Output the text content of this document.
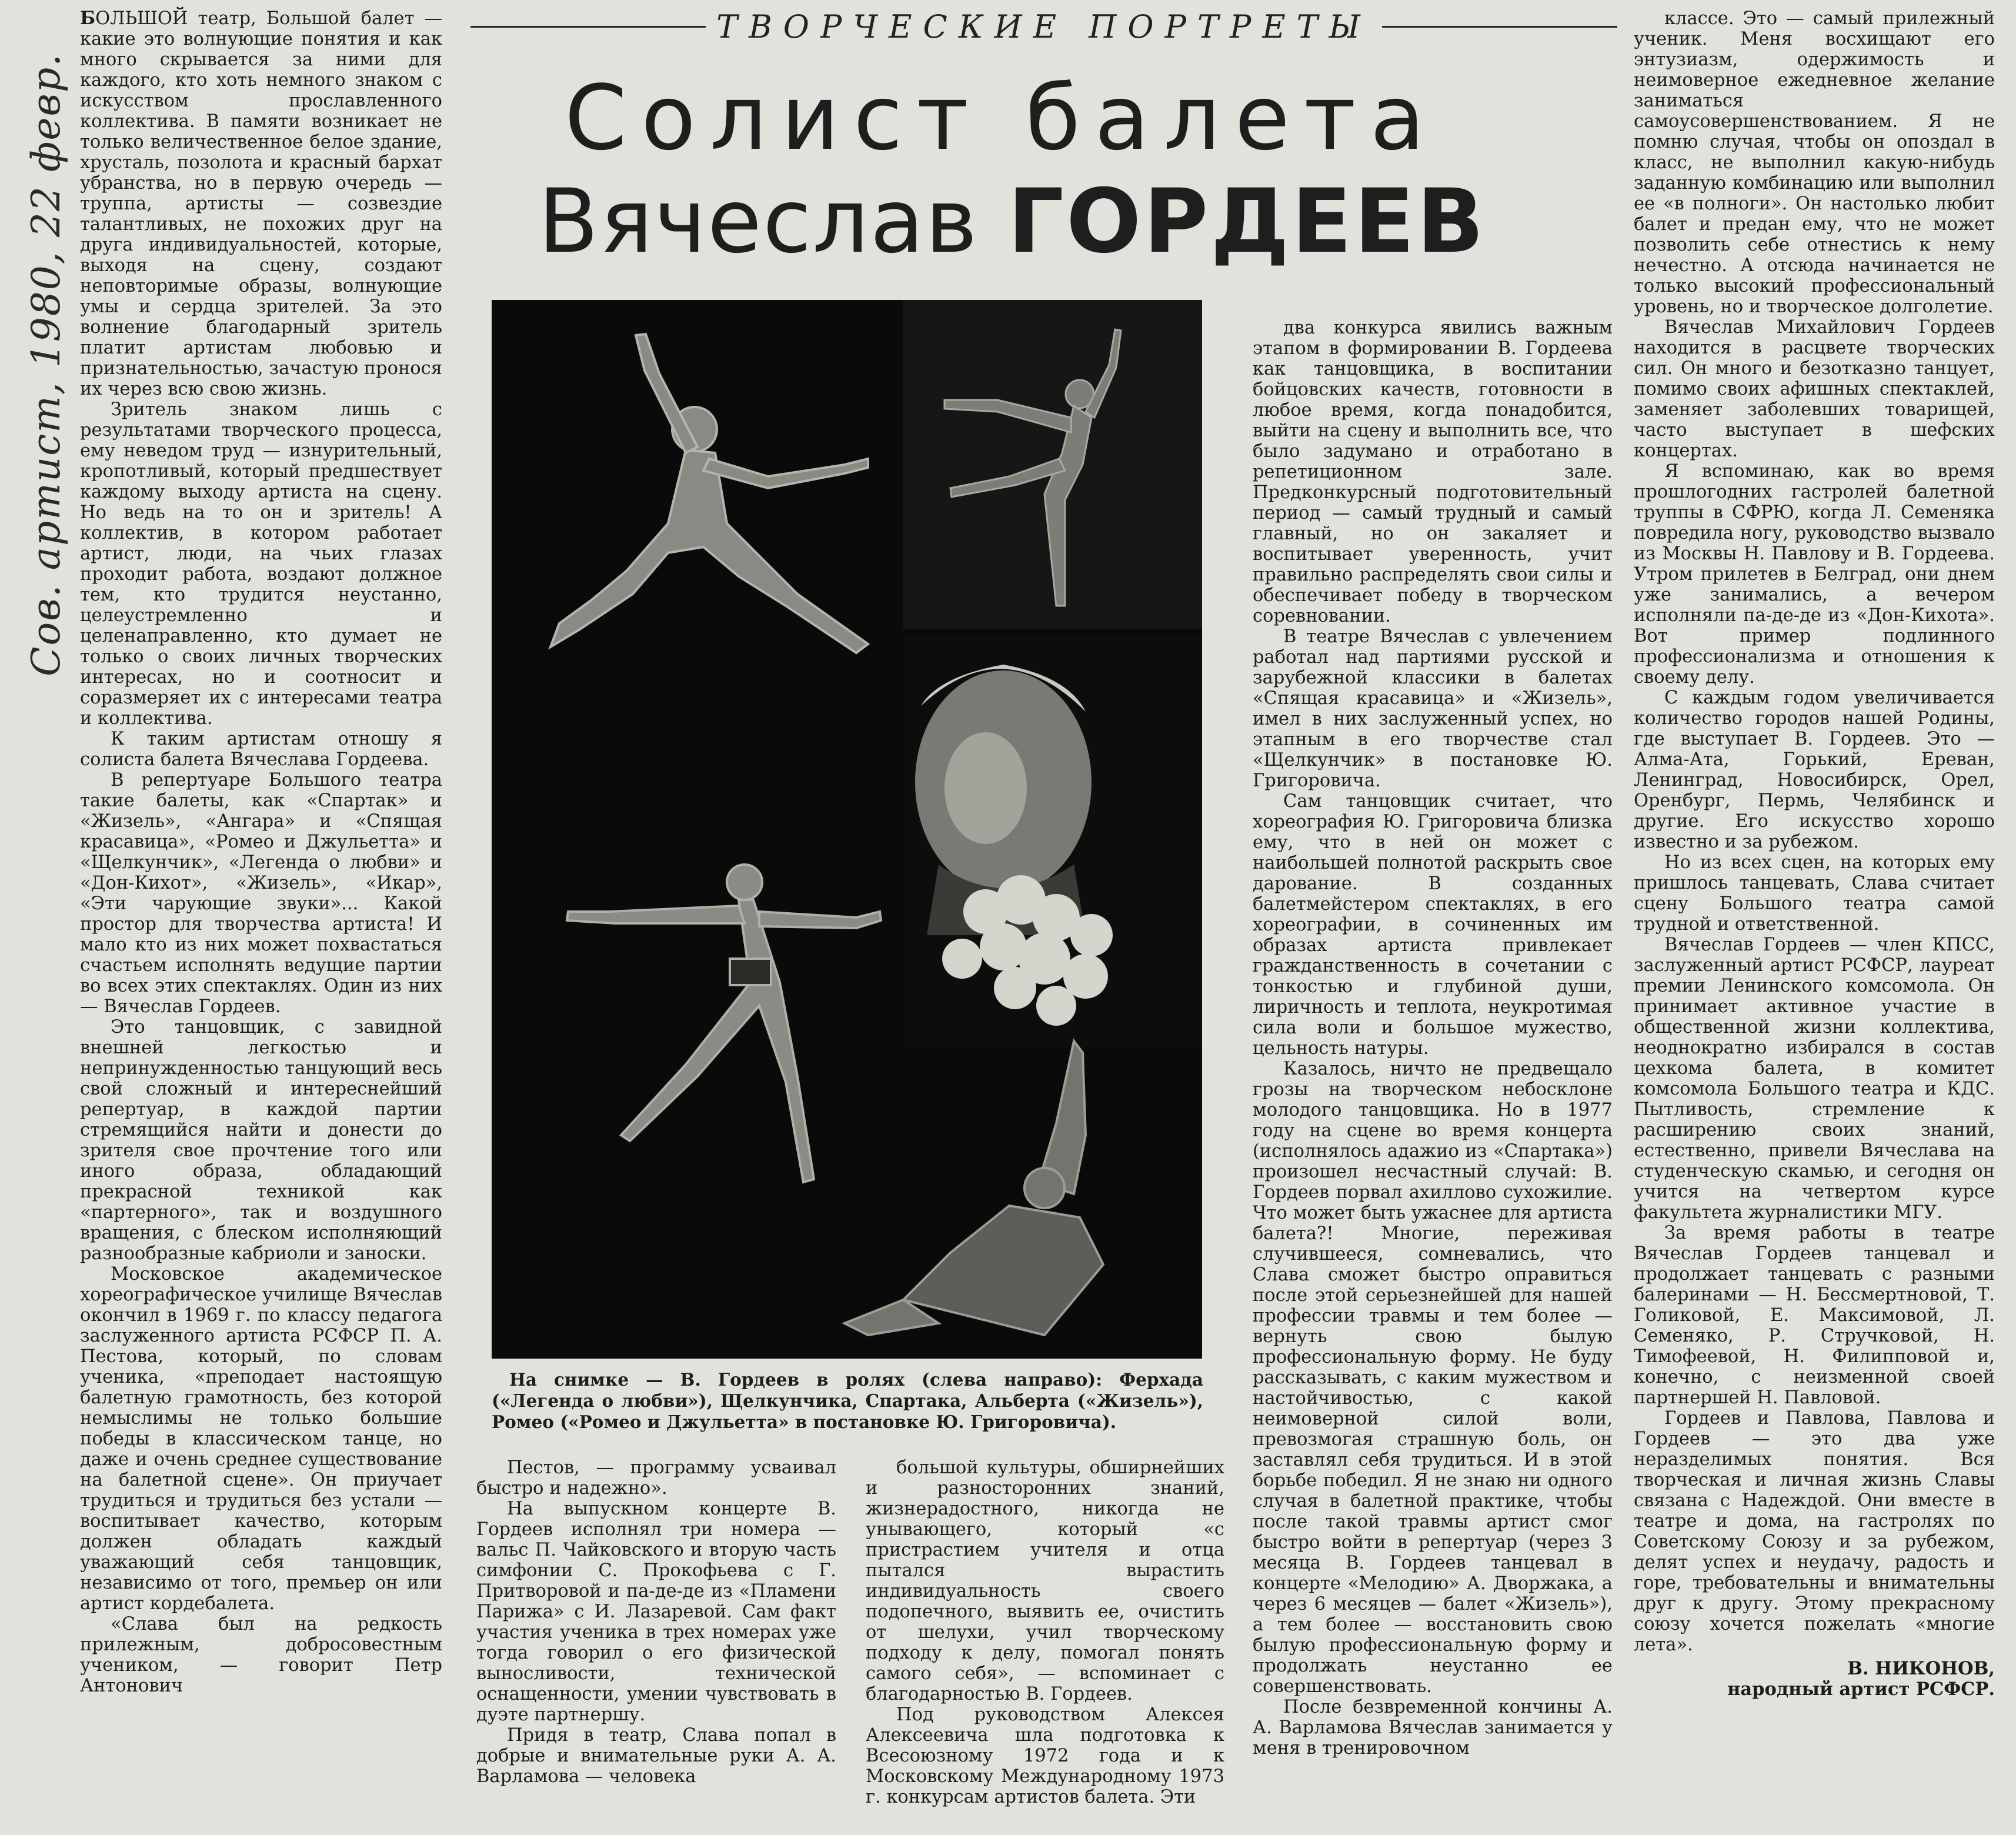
Сов. артист, 1980, 22 февр.
ТВОРЧЕСКИЕ ПОРТРЕТЫ
Солист балета
Вячеслав ГОРДЕЕВ

БОЛЬШОЙ театр, Большой балет — какие это волнующие понятия и как много скрывается за ними для каждого, кто хоть немного знаком с искусством прославленного коллектива. В памяти возникает не только величественное белое здание, хрусталь, позолота и красный бархат убранства, но в первую очередь — труппа, артисты — созвездие талантливых, не похожих друг на друга индивидуальностей, которые, выходя на сцену, создают неповторимые образы, волнующие умы и сердца зрителей. За это волнение благодарный зритель платит артистам любовью и признательностью, зачастую пронося их через всю свою жизнь.

Зритель знаком лишь с результатами творческого процесса, ему неведом труд — изнурительный, кропотливый, который предшествует каждому выходу артиста на сцену. Но ведь на то он и зритель! А коллектив, в котором работает артист, люди, на чьих глазах проходит работа, воздают должное тем, кто трудится неустанно, целеустремленно и целенаправленно, кто думает не только о своих личных творческих интересах, но и соотносит и соразмеряет их с интересами театра и коллектива.

К таким артистам отношу я солиста балета Вячеслава Гордеева.

В репертуаре Большого театра такие балеты, как «Спартак» и «Жизель», «Ангара» и «Спящая красавица», «Ромео и Джульетта» и «Щелкунчик», «Легенда о любви» и «Дон-Кихот», «Жизель», «Икар», «Эти чарующие звуки»... Какой простор для творчества артиста! И мало кто из них может похвастаться счастьем исполнять ведущие партии во всех этих спектаклях. Один из них — Вячеслав Гордеев.

Это танцовщик, с завидной внешней легкостью и непринужденностью танцующий весь свой сложный и интереснейший репертуар, в каждой партии стремящийся найти и донести до зрителя свое прочтение того или иного образа, обладающий прекрасной техникой как «партерного», так и воздушного вращения, с блеском исполняющий разнообразные кабриоли и заноски.

Московское академическое хореографическое училище Вячеслав окончил в 1969 г. по классу педагога заслуженного артиста РСФСР П. А. Пестова, который, по словам ученика, «преподает настоящую балетную грамотность, без которой немыслимы не только большие победы в классическом танце, но даже и очень среднее существование на балетной сцене». Он приучает трудиться и трудиться без устали — воспитывает качество, которым должен обладать каждый уважающий себя танцовщик, независимо от того, премьер он или артист кордебалета.

«Слава был на редкость прилежным, добросовестным учеником, — говорит Петр Антонович

На снимке — В. Гордеев в ролях (слева направо): Ферхада («Легенда о любви»), Щелкунчика, Спартака, Альберта («Жизель»), Ромео («Ромео и Джульетта» в постановке Ю. Григоровича).

Пестов, — программу усваивал быстро и надежно».

На выпускном концерте В. Гордеев исполнял три номера — вальс П. Чайковского и вторую часть симфонии С. Прокофьева с Г. Притворовой и па-де-де из «Пламени Парижа» с И. Лазаревой. Сам факт участия ученика в трех номерах уже тогда говорил о его физической выносливости, технической оснащенности, умении чувствовать в дуэте партнершу.

Придя в театр, Слава попал в добрые и внимательные руки А. А. Варламова — человека

большой культуры, обширнейших и разносторонних знаний, жизнерадостного, никогда не унывающего, который «с пристрастием учителя и отца пытался вырастить индивидуальность своего подопечного, выявить ее, очистить от шелухи, учил творческому подходу к делу, помогал понять самого себя», — вспоминает с благодарностью В. Гордеев.

Под руководством Алексея Алексеевича шла подготовка к Всесоюзному 1972 года и к Московскому Международному 1973 г. конкурсам артистов балета. Эти

два конкурса явились важным этапом в формировании В. Гордеева как танцовщика, в воспитании бойцовских качеств, готовности в любое время, когда понадобится, выйти на сцену и выполнить все, что было задумано и отработано в репетиционном зале. Предконкурсный подготовительный период — самый трудный и самый главный, но он закаляет и воспитывает уверенность, учит правильно распределять свои силы и обеспечивает победу в творческом соревновании.

В театре Вячеслав с увлечением работал над партиями русской и зарубежной классики в балетах «Спящая красавица» и «Жизель», имел в них заслуженный успех, но этапным в его творчестве стал «Щелкунчик» в постановке Ю. Григоровича.

Сам танцовщик считает, что хореография Ю. Григоровича близка ему, что в ней он может с наибольшей полнотой раскрыть свое дарование. В созданных балетмейстером спектаклях, в его хореографии, в сочиненных им образах артиста привлекает гражданственность в сочетании с тонкостью и глубиной души, лиричность и теплота, неукротимая сила воли и большое мужество, цельность натуры.

Казалось, ничто не предвещало грозы на творческом небосклоне молодого танцовщика. Но в 1977 году на сцене во время концерта (исполнялось адажио из «Спартака») произошел несчастный случай: В. Гордеев порвал ахиллово сухожилие. Что может быть ужаснее для артиста балета?! Многие, переживая случившееся, сомневались, что Слава сможет быстро оправиться после этой серьезнейшей для нашей профессии травмы и тем более — вернуть свою былую профессиональную форму. Не буду рассказывать, с каким мужеством и настойчивостью, с какой неимоверной силой воли, превозмогая страшную боль, он заставлял себя трудиться. И в этой борьбе победил. Я не знаю ни одного случая в балетной практике, чтобы после такой травмы артист смог быстро войти в репертуар (через 3 месяца В. Гордеев танцевал в концерте «Мелодию» А. Дворжака, а через 6 месяцев — балет «Жизель»), а тем более — восстановить свою былую профессиональную форму и продолжать неустанно ее совершенствовать.

После безвременной кончины А. А. Варламова Вячеслав занимается у меня в тренировочном

классе. Это — самый прилежный ученик. Меня восхищают его энтузиазм, одержимость и неимоверное ежедневное желание заниматься самоусовершенствованием. Я не помню случая, чтобы он опоздал в класс, не выполнил какую-нибудь заданную комбинацию или выполнил ее «в полноги». Он настолько любит балет и предан ему, что не может позволить себе отнестись к нему нечестно. А отсюда начинается не только высокий профессиональный уровень, но и творческое долголетие.

Вячеслав Михайлович Гордеев находится в расцвете творческих сил. Он много и безотказно танцует, помимо своих афишных спектаклей, заменяет заболевших товарищей, часто выступает в шефских концертах.

Я вспоминаю, как во время прошлогодних гастролей балетной труппы в СФРЮ, когда Л. Семеняка повредила ногу, руководство вызвало из Москвы Н. Павлову и В. Гордеева. Утром прилетев в Белград, они днем уже занимались, а вечером исполняли па-де-де из «Дон-Кихота». Вот пример подлинного профессионализма и отношения к своему делу.

С каждым годом увеличивается количество городов нашей Родины, где выступает В. Гордеев. Это — Алма-Ата, Горький, Ереван, Ленинград, Новосибирск, Орел, Оренбург, Пермь, Челябинск и другие. Его искусство хорошо известно и за рубежом.

Но из всех сцен, на которых ему пришлось танцевать, Слава считает сцену Большого театра самой трудной и ответственной.

Вячеслав Гордеев — член КПСС, заслуженный артист РСФСР, лауреат премии Ленинского комсомола. Он принимает активное участие в общественной жизни коллектива, неоднократно избирался в состав цехкома балета, в комитет комсомола Большого театра и КДС. Пытливость, стремление к расширению своих знаний, естественно, привели Вячеслава на студенческую скамью, и сегодня он учится на четвертом курсе факультета журналистики МГУ.

За время работы в театре Вячеслав Гордеев танцевал и продолжает танцевать с разными балеринами — Н. Бессмертновой, Т. Голиковой, Е. Максимовой, Л. Семеняко, Р. Стручковой, Н. Тимофеевой, Н. Филипповой и, конечно, с неизменной своей партнершей Н. Павловой.

Гордеев и Павлова, Павлова и Гордеев — это два уже неразделимых понятия. Вся творческая и личная жизнь Славы связана с Надеждой. Они вместе в театре и дома, на гастролях по Советскому Союзу и за рубежом, делят успех и неудачу, радость и горе, требовательны и внимательны друг к другу. Этому прекрасному союзу хочется пожелать «многие лета».

В. НИКОНОВ,
народный артист РСФСР.
